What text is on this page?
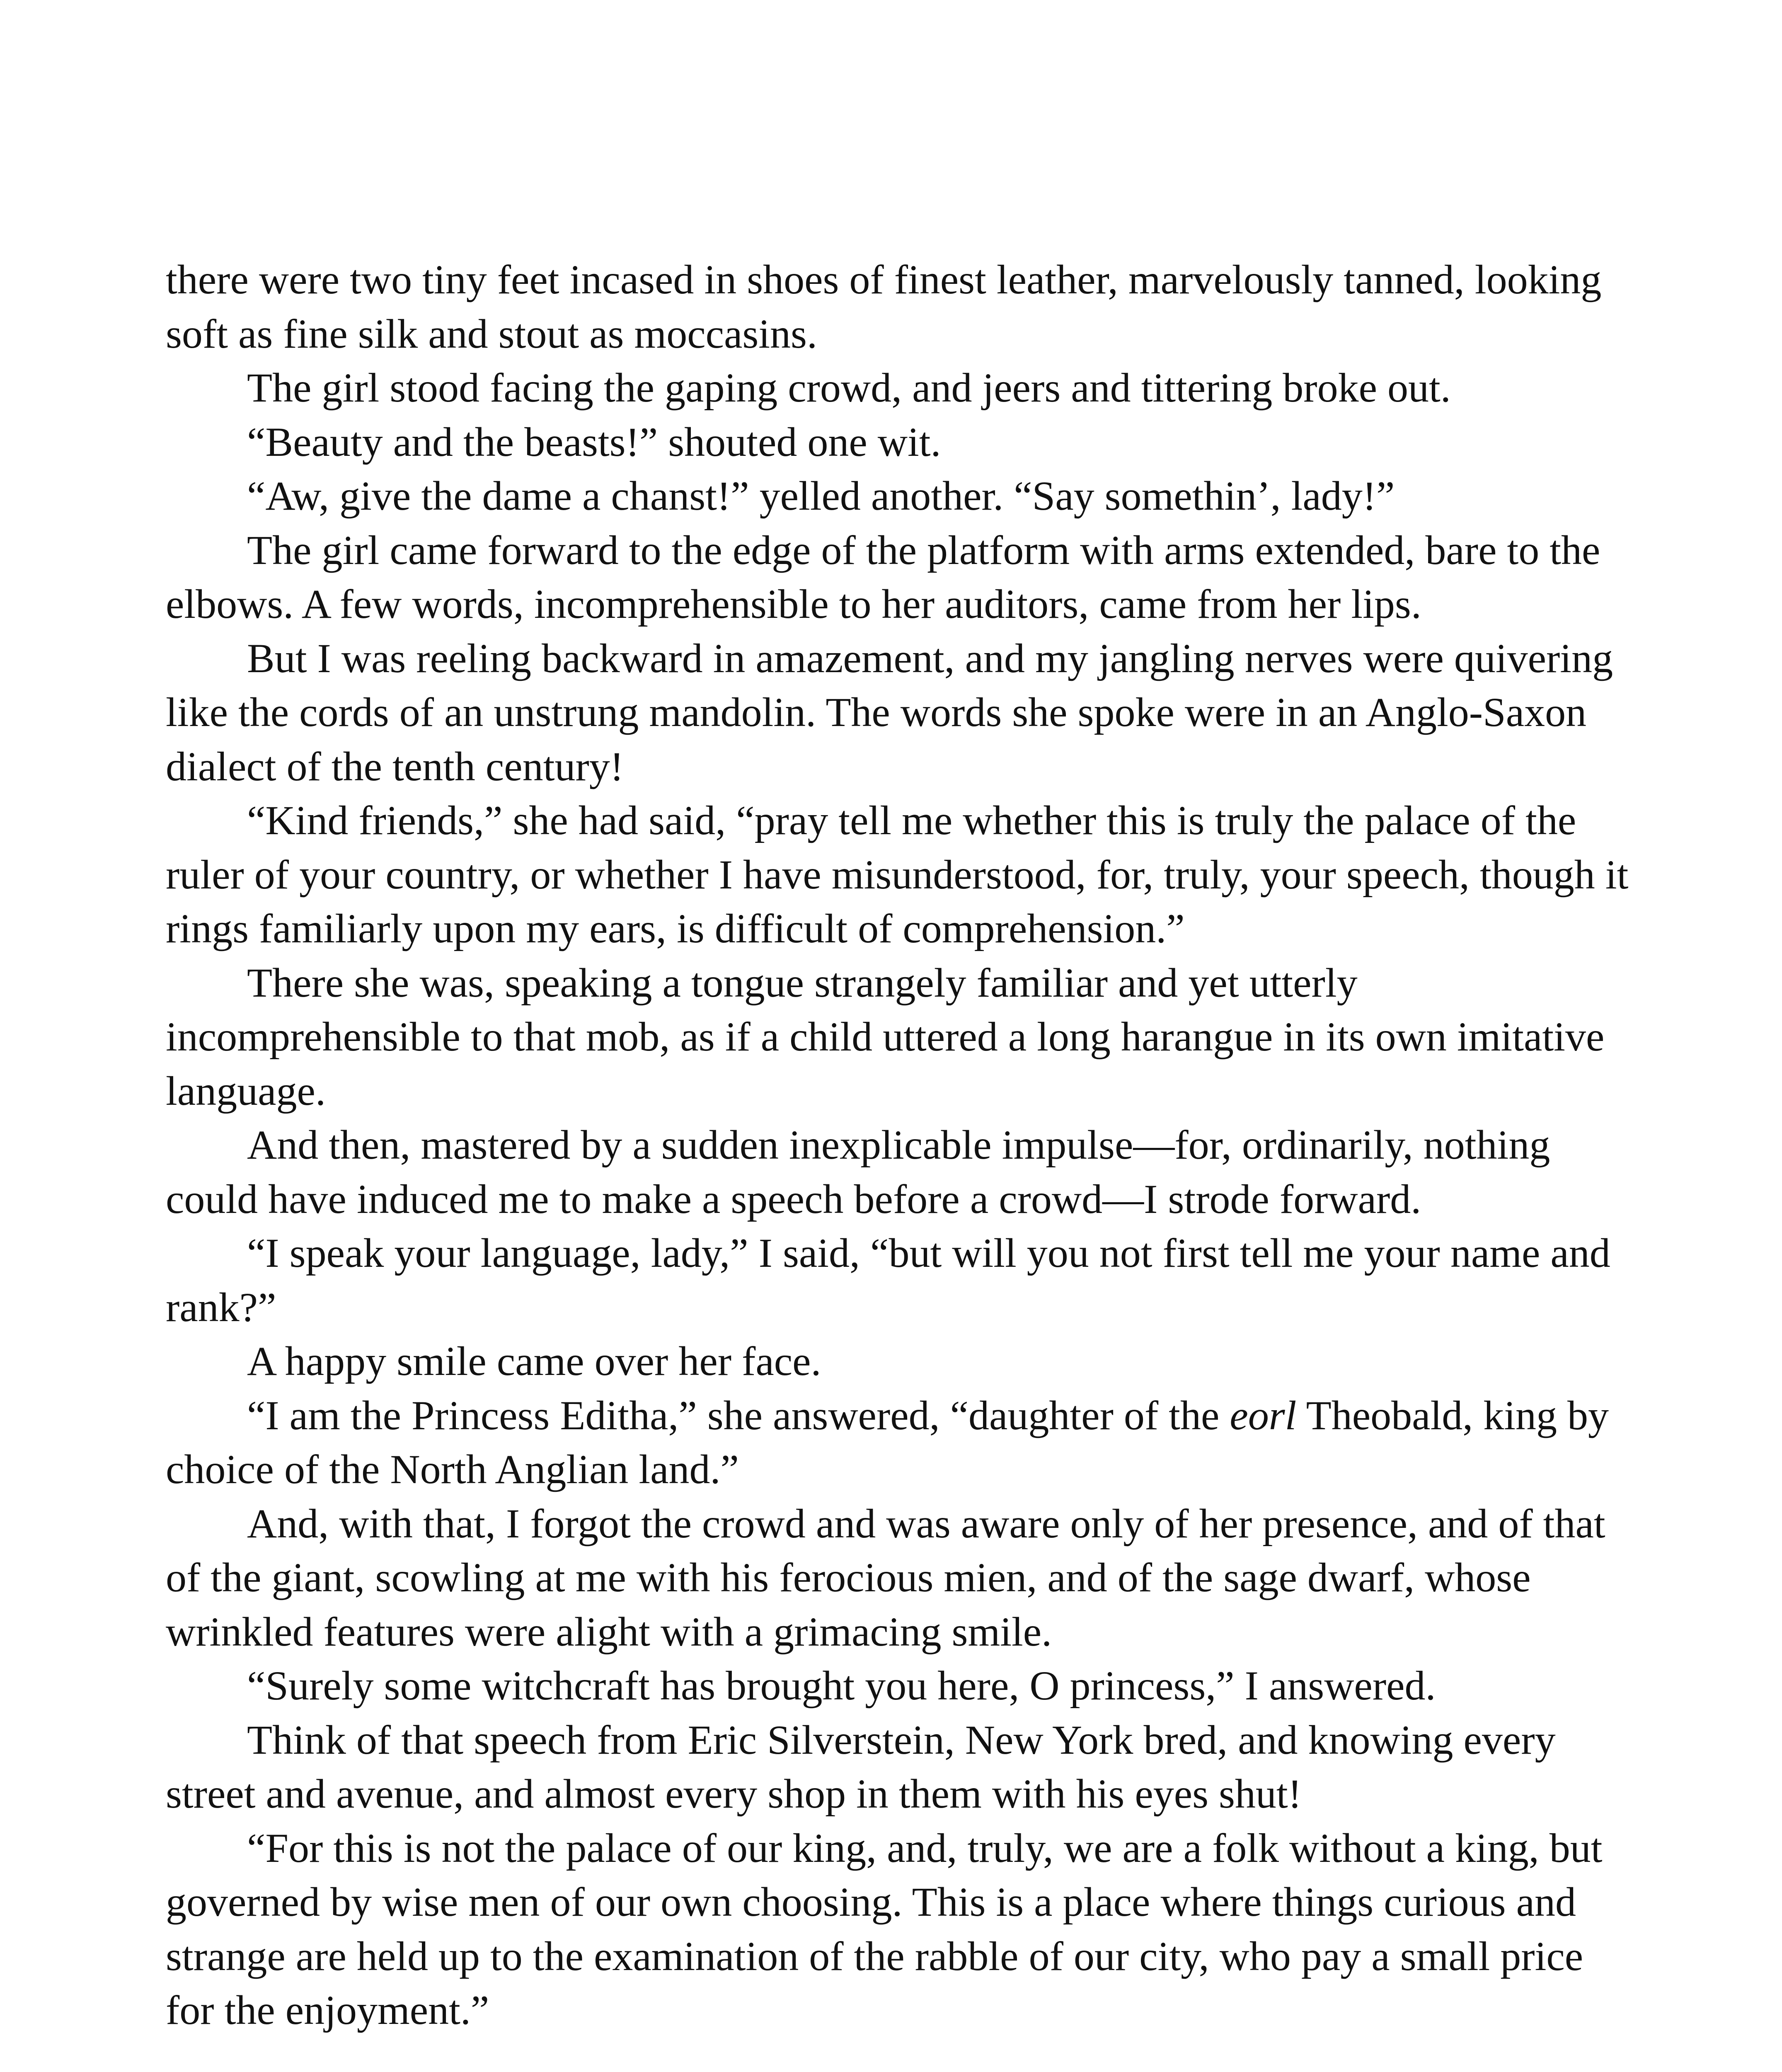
there were two tiny feet incased in shoes of finest leather, marvelously tanned, looking soft as fine silk and stout as moccasins.

The girl stood facing the gaping crowd, and jeers and tittering broke out.

“Beauty and the beasts!” shouted one wit.

“Aw, give the dame a chanst!” yelled another. “Say somethin’, lady!”

The girl came forward to the edge of the platform with arms extended, bare to the elbows. A few words, incomprehensible to her auditors, came from her lips.

But I was reeling backward in amazement, and my jangling nerves were quivering like the cords of an unstrung mandolin. The words she spoke were in an Anglo-Saxon dialect of the tenth century!

“Kind friends,” she had said, “pray tell me whether this is truly the palace of the ruler of your country, or whether I have misunderstood, for, truly, your speech, though it rings familiarly upon my ears, is difficult of comprehension.”

There she was, speaking a tongue strangely familiar and yet utterly incomprehensible to that mob, as if a child uttered a long harangue in its own imitative language.

And then, mastered by a sudden inexplicable impulse—for, ordinarily, nothing could have induced me to make a speech before a crowd—I strode forward.

“I speak your language, lady,” I said, “but will you not first tell me your name and rank?”

A happy smile came over her face.

“I am the Princess Editha,” she answered, “daughter of the eorl Theobald, king by choice of the North Anglian land.”

And, with that, I forgot the crowd and was aware only of her presence, and of that of the giant, scowling at me with his ferocious mien, and of the sage dwarf, whose wrinkled features were alight with a grimacing smile.

“Surely some witchcraft has brought you here, O princess,” I answered.

Think of that speech from Eric Silverstein, New York bred, and knowing every street and avenue, and almost every shop in them with his eyes shut!

“For this is not the palace of our king, and, truly, we are a folk without a king, but governed by wise men of our own choosing. This is a place where things curious and strange are held up to the examination of the rabble of our city, who pay a small price for the enjoyment.”
